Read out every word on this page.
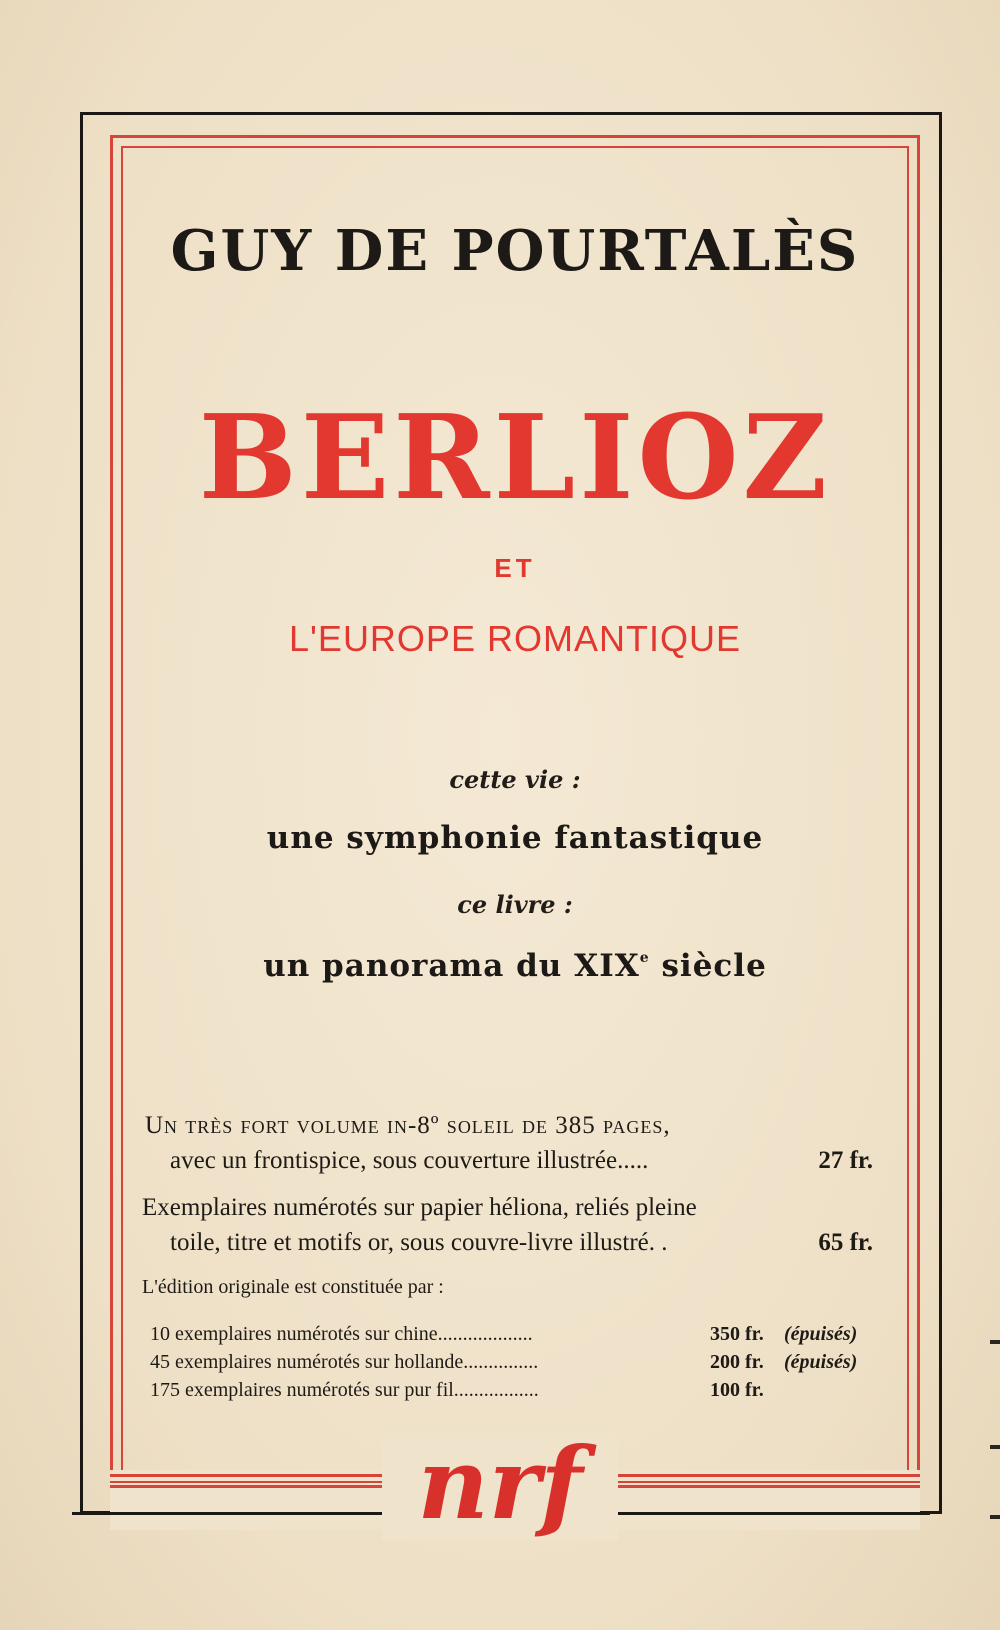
GUY DE POURTALÈS
BERLIOZ
ET
L'EUROPE ROMANTIQUE
cette vie :
une symphonie fantastique
ce livre :
un panorama du XIXe siècle
Un très fort volume in-8º soleil de 385 pages,
avec un frontispice, sous couverture illustrée.....	27 fr.
Exemplaires numérotés sur papier héliona, reliés pleine
toile, titre et motifs or, sous couvre-livre illustré. .	65 fr.
L'édition originale est constituée par :
10 exemplaires numérotés sur chine...................	350 fr. (épuisés)
45 exemplaires numérotés sur hollande...............	200 fr. (épuisés)
175 exemplaires numérotés sur pur fil.................	100 fr.
nrf
